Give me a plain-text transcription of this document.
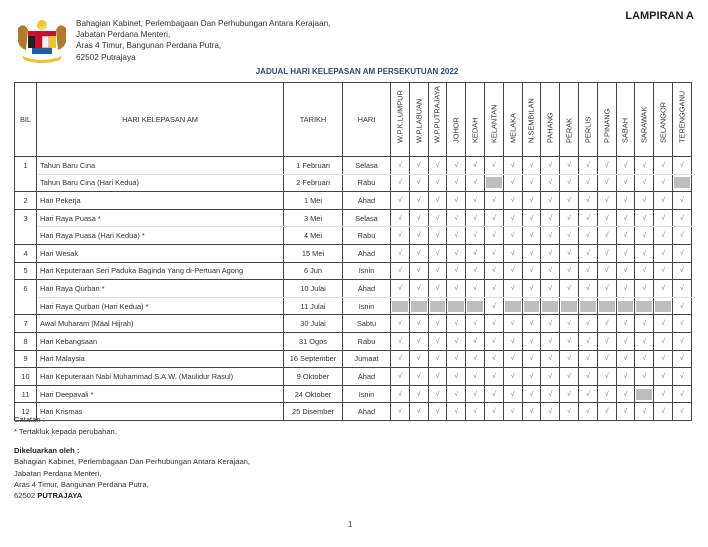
Bahagian Kabinet, Perlembagaan Dan Perhubungan Antara Kerajaan,
Jabatan Perdana Menteri,
Aras 4 Timur, Bangunan Perdana Putra,
62502 Putrajaya
LAMPIRAN A
JADUAL HARI KELEPASAN AM PERSEKUTUAN 2022
BIL	HARI KELEPASAN AM	TARIKH	HARI	W.P.K.LUMPUR	W.P.LABUAN	W.P.PUTRAJAYA	JOHOR	KEDAH	KELANTAN	MELAKA	N.SEMBILAN	PAHANG	PERAK	PERLIS	P.PINANG	SABAH	SARAWAK	SELANGOR	TERENGGANU

1	Tahun Baru Cina	1 Februari	Selasa	√	√	√	√	√	√	√	√	√	√	√	√	√	√	√	√
	Tahun Baru Cina (Hari Kedua)	2 Februari	Rabu	√	√	√	√	√		√	√	√	√	√	√	√	√	√	

2	Hari Pekerja	1 Mei	Ahad	√	√	√	√	√	√	√	√	√	√	√	√	√	√	√	√
3	Hari Raya Puasa *	3 Mei	Selasa	√	√	√	√	√	√	√	√	√	√	√	√	√	√	√	√
	Hari Raya Puasa (Hari Kedua) *	4 Mei	Rabu	√	√	√	√	√	√	√	√	√	√	√	√	√	√	√	√
4	Hari Wesak	15 Mei	Ahad	√	√	√	√	√	√	√	√	√	√	√	√	√	√	√	√
5	Hari Keputeraan Seri Paduka Baginda Yang di-Pertuan Agong	6 Jun	Isnin	√	√	√	√	√	√	√	√	√	√	√	√	√	√	√	√
6	Hari Raya Qurban *	10 Julai	Ahad	√	√	√	√	√	√	√	√	√	√	√	√	√	√	√	√
	Hari Raya Qurban (Hari Kedua) *	11 Julai	Isnin						√										√
7	Awal Muharam (Maal Hijrah)	30 Julai	Sabtu	√	√	√	√	√	√	√	√	√	√	√	√	√	√	√	√
8	Hari Kebangsaan	31 Ogos	Rabu	√	√	√	√	√	√	√	√	√	√	√	√	√	√	√	√
9	Hari Malaysia	16 September	Jumaat	√	√	√	√	√	√	√	√	√	√	√	√	√	√	√	√
10	Hari Keputeraan Nabi Muhammad S.A.W. (Maulidur Rasul)	9 Oktober	Ahad	√	√	√	√	√	√	√	√	√	√	√	√	√	√	√	√
11	Hari Deepavali *	24 Oktober	Isnin	√	√	√	√	√	√	√	√	√	√	√	√	√		√	√
12	Hari Krismas	25 Disember	Ahad	√	√	√	√	√	√	√	√	√	√	√	√	√	√	√	√
Catatan :
* Tertakluk kepada perubahan.
Dikeluarkan oleh :
Bahagian Kabinet, Perlembagaan Dan Perhubungan Antara Kerajaan,
Jabatan Perdana Menteri,
Aras 4 Timur, Bangunan Perdana Putra,
62502 PUTRAJAYA
1
